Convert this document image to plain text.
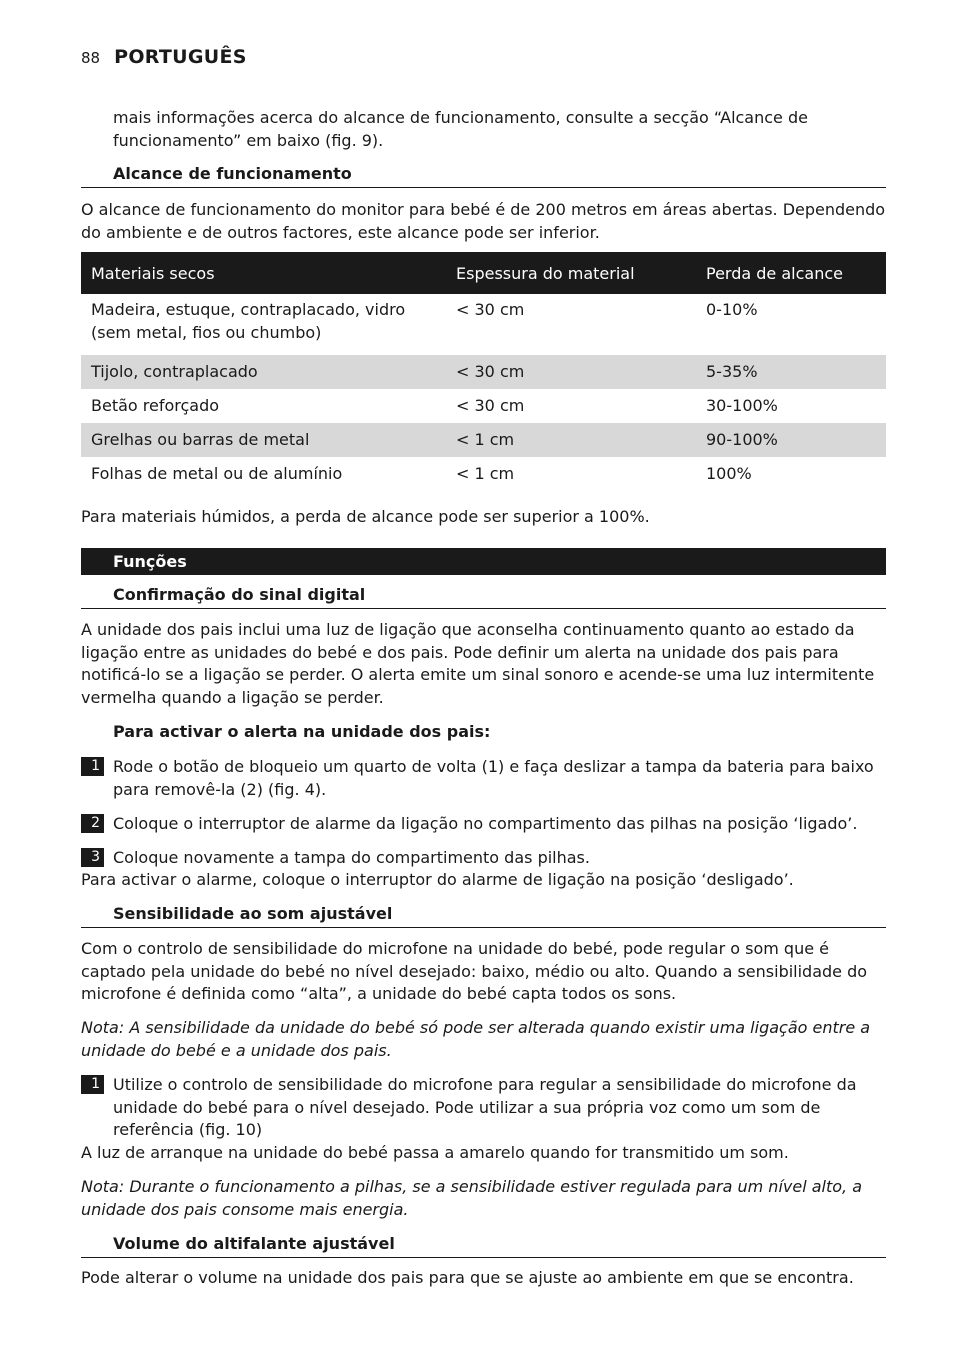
88 PORTUGUÊS
mais informações acerca do alcance de funcionamento, consulte a secção “Alcance de funcionamento” em baixo (fig. 9).
Alcance de funcionamento
O alcance de funcionamento do monitor para bebé é de 200 metros em áreas abertas. Dependendo do ambiente e de outros factores, este alcance pode ser inferior.
Materiais secos	Espessura do material	Perda de alcance
Madeira, estuque, contraplacado, vidro (sem metal, fios ou chumbo)	< 30 cm	0-10%
Tijolo, contraplacado	< 30 cm	5-35%
Betão reforçado	< 30 cm	30-100%
Grelhas ou barras de metal	< 1 cm	90-100%
Folhas de metal ou de alumínio	< 1 cm	100%
Para materiais húmidos, a perda de alcance pode ser superior a 100%.
Funções
Confirmação do sinal digital
A unidade dos pais inclui uma luz de ligação que aconselha continuamento quanto ao estado da ligação entre as unidades do bebé e dos pais. Pode definir um alerta na unidade dos pais para notificá-lo se a ligação se perder. O alerta emite um sinal sonoro e acende-se uma luz intermitente vermelha quando a ligação se perder.
Para activar o alerta na unidade dos pais:
1 Rode o botão de bloqueio um quarto de volta (1) e faça deslizar a tampa da bateria para baixo para removê-la (2) (fig. 4).
2 Coloque o interruptor de alarme da ligação no compartimento das pilhas na posição ‘ligado’.
3 Coloque novamente a tampa do compartimento das pilhas.
Para activar o alarme, coloque o interruptor do alarme de ligação na posição ‘desligado’.
Sensibilidade ao som ajustável
Com o controlo de sensibilidade do microfone na unidade do bebé, pode regular o som que é captado pela unidade do bebé no nível desejado: baixo, médio ou alto. Quando a sensibilidade do microfone é definida como “alta”, a unidade do bebé capta todos os sons.
Nota: A sensibilidade da unidade do bebé só pode ser alterada quando existir uma ligação entre a unidade do bebé e a unidade dos pais.
1 Utilize o controlo de sensibilidade do microfone para regular a sensibilidade do microfone da unidade do bebé para o nível desejado. Pode utilizar a sua própria voz como um som de referência (fig. 10)
A luz de arranque na unidade do bebé passa a amarelo quando for transmitido um som.
Nota: Durante o funcionamento a pilhas, se a sensibilidade estiver regulada para um nível alto, a unidade dos pais consome mais energia.
Volume do altifalante ajustável
Pode alterar o volume na unidade dos pais para que se ajuste ao ambiente em que se encontra.
